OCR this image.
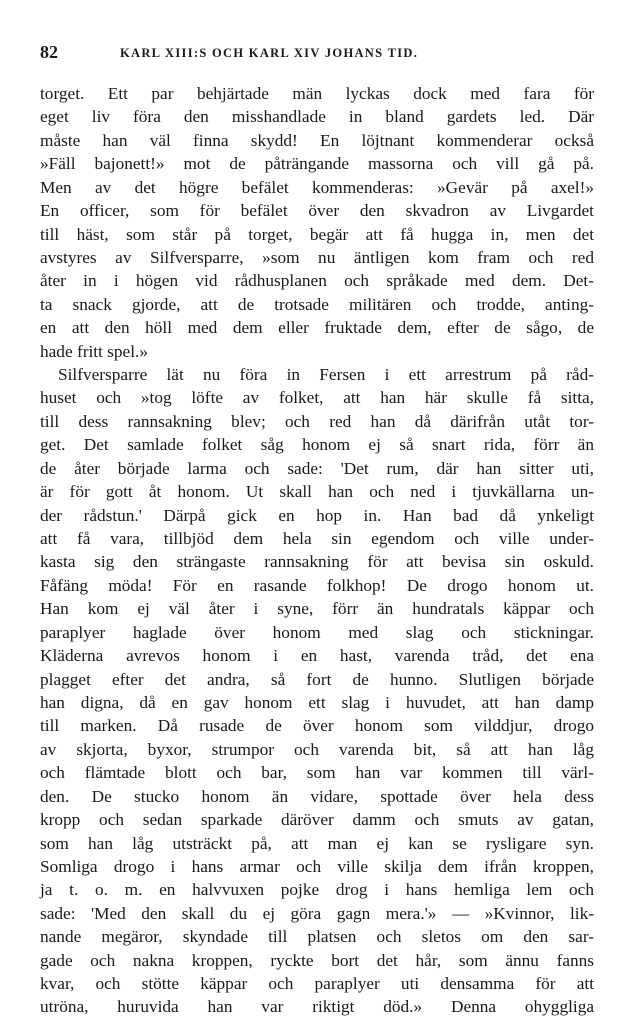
82	KARL XIII:S OCH KARL XIV JOHANS TID.
torget. Ett par behjärtade män lyckas dock med fara för
eget liv föra den misshandlade in bland gardets led. Där
måste han väl finna skydd! En löjtnant kommenderar också
»Fäll bajonett!» mot de påträngande massorna och vill gå på.
Men av det högre befälet kommenderas: »Gevär på axel!»
En officer, som för befälet över den skvadron av Livgardet
till häst, som står på torget, begär att få hugga in, men det
avstyres av Silfversparre, »som nu äntligen kom fram och red
åter in i högen vid rådhusplanen och språkade med dem. Det-
ta snack gjorde, att de trotsade militären och trodde, anting-
en att den höll med dem eller fruktade dem, efter de sågo, de
hade fritt spel.»
Silfversparre lät nu föra in Fersen i ett arrestrum på råd-
huset och »tog löfte av folket, att han här skulle få sitta,
till dess rannsakning blev; och red han då därifrån utåt tor-
get. Det samlade folket såg honom ej så snart rida, förr än
de åter började larma och sade: 'Det rum, där han sitter uti,
är för gott åt honom. Ut skall han och ned i tjuvkällarna un-
der rådstun.' Därpå gick en hop in. Han bad då ynkeligt
att få vara, tillbjöd dem hela sin egendom och ville under-
kasta sig den strängaste rannsakning för att bevisa sin oskuld.
Fåfäng möda! För en rasande folkhop! De drogo honom ut.
Han kom ej väl åter i syne, förr än hundratals käppar och
paraplyer haglade över honom med slag och stickningar.
Kläderna avrevos honom i en hast, varenda tråd, det ena
plagget efter det andra, så fort de hunno. Slutligen började
han digna, då en gav honom ett slag i huvudet, att han damp
till marken. Då rusade de över honom som vilddjur, drogo
av skjorta, byxor, strumpor och varenda bit, så att han låg
och flämtade blott och bar, som han var kommen till värl-
den. De stucko honom än vidare, spottade över hela dess
kropp och sedan sparkade däröver damm och smuts av gatan,
som han låg utsträckt på, att man ej kan se rysligare syn.
Somliga drogo i hans armar och ville skilja dem ifrån kroppen,
ja t. o. m. en halvvuxen pojke drog i hans hemliga lem och
sade: 'Med den skall du ej göra gagn mera.'» — »Kvinnor, lik-
nande megäror, skyndade till platsen och sletos om den sar-
gade och nakna kroppen, ryckte bort det hår, som ännu fanns
kvar, och stötte käppar och paraplyer uti densamma för att
utröna, huruvida han var riktigt död.» Denna ohyggliga
